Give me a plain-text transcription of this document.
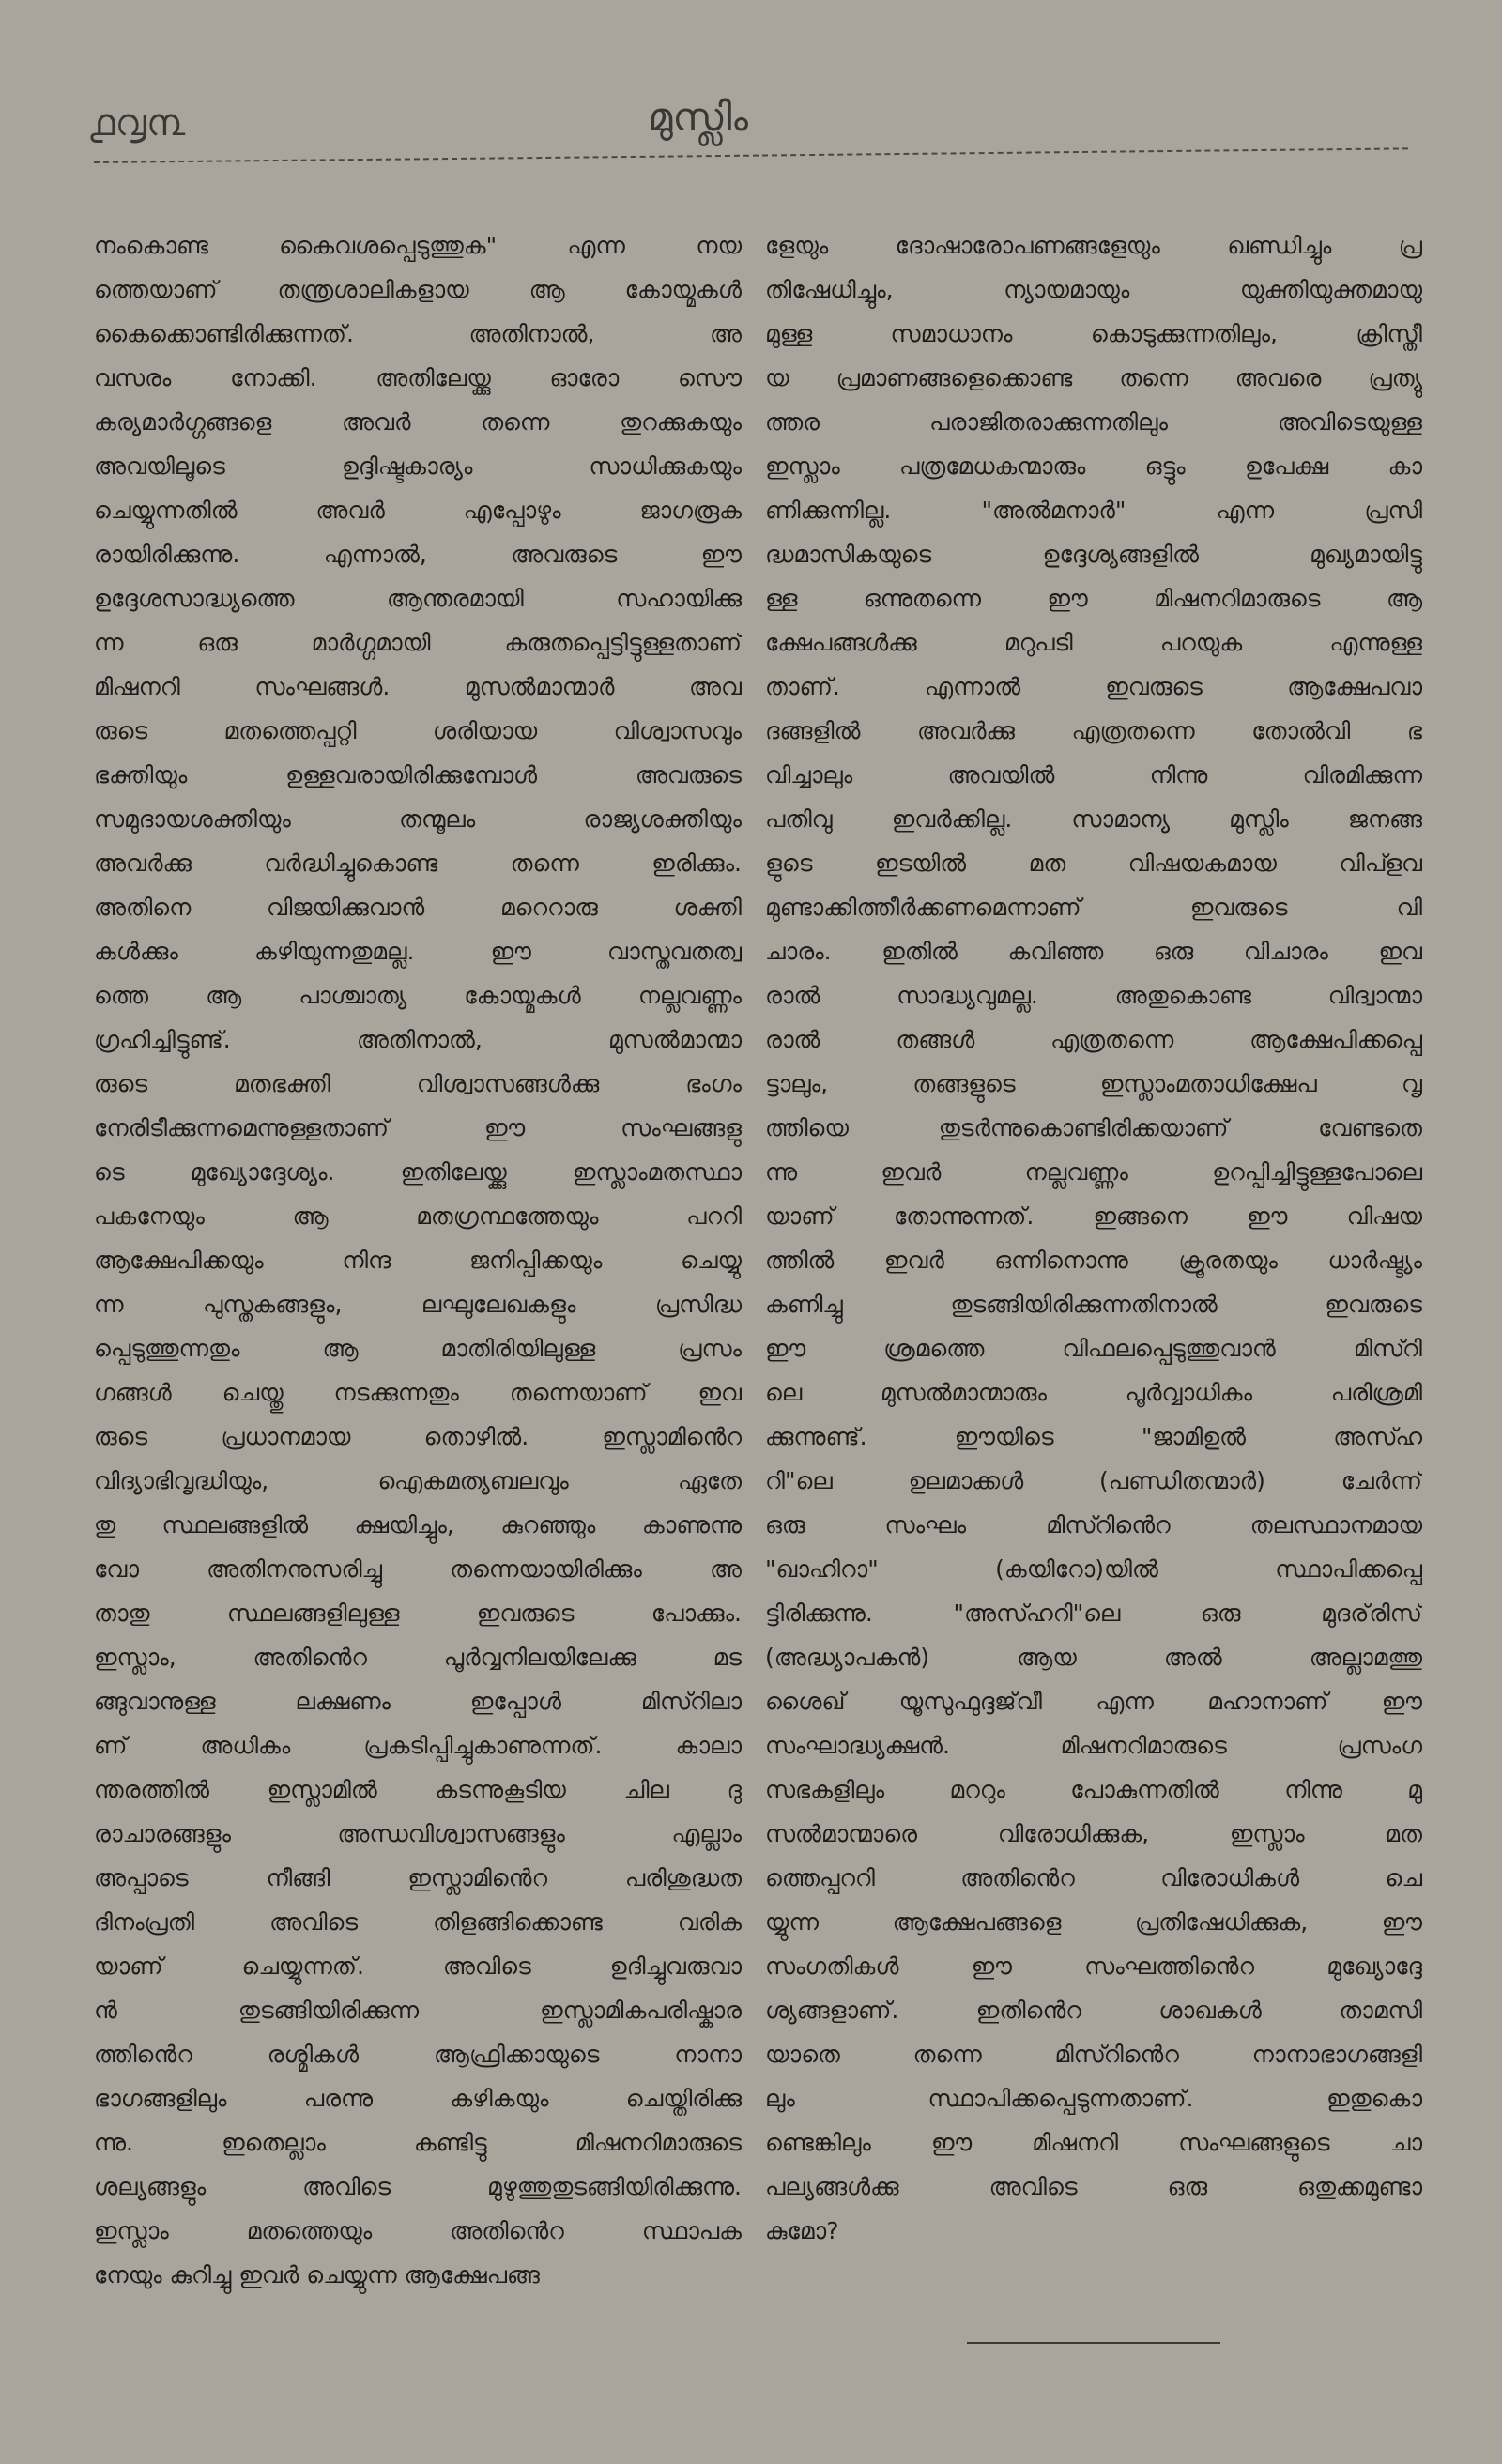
൧൮൩	മുസ്ലിം
നംകൊണ്ട കൈവശപ്പെടുത്തുക" എന്ന നയ
ത്തെയാണ് തന്ത്രശാലികളായ ആ കോയ്മകൾ
കൈക്കൊണ്ടിരിക്കുന്നത്. അതിനാൽ, അ
വസരം നോക്കി. അതിലേയ്ക്കു ഓരോ സൌ
കര്യമാർഗ്ഗങ്ങളെ അവർ തന്നെ തുറക്കുകയും
അവയിലൂടെ ഉദ്ദിഷ്ടകാര്യം സാധിക്കുകയും
ചെയ്യുന്നതിൽ അവർ എപ്പോഴും ജാഗരൂക
രായിരിക്കുന്നു. എന്നാൽ, അവരുടെ ഈ
ഉദ്ദേശസാദ്ധ്യത്തെ ആന്തരമായി സഹായിക്കു
ന്ന ഒരു മാർഗ്ഗമായി കരുതപ്പെട്ടിട്ടുള്ളതാണ്
മിഷനറി സംഘങ്ങൾ. മുസൽമാന്മാർ അവ
രുടെ മതത്തെപ്പറ്റി ശരിയായ വിശ്വാസവും
ഭക്തിയും ഉള്ളവരായിരിക്കുമ്പോൾ അവരുടെ
സമുദായശക്തിയും തന്മൂലം രാജ്യശക്തിയും
അവർക്കു വർദ്ധിച്ചുകൊണ്ട തന്നെ ഇരിക്കും.
അതിനെ വിജയിക്കുവാൻ മറെറാരു ശക്തി
കൾക്കും കഴിയുന്നതുമല്ല. ഈ വാസ്തവതത്വ
ത്തെ ആ പാശ്ചാത്യ കോയ്മകൾ നല്ലവണ്ണം
ഗ്രഹിച്ചിട്ടുണ്ട്. അതിനാൽ, മുസൽമാന്മാ
രുടെ മതഭക്തി വിശ്വാസങ്ങൾക്കു ഭംഗം
നേരിടീക്കുന്നമെന്നുള്ളതാണ് ഈ സംഘങ്ങളു
ടെ മുഖ്യോദ്ദേശ്യം. ഇതിലേയ്ക്കു ഇസ്ലാംമതസ്ഥാ
പകനേയും ആ മതഗ്രന്ഥത്തേയും പററി
ആക്ഷേപിക്കയും നിന്ദ ജനിപ്പിക്കയും ചെയ്യു
ന്ന പുസ്തകങ്ങളും, ലഘുലേഖകളും പ്രസിദ്ധ
പ്പെടുത്തുന്നതും ആ മാതിരിയിലുള്ള പ്രസം
ഗങ്ങൾ ചെയ്തു നടക്കുന്നതും തന്നെയാണ് ഇവ
രുടെ പ്രധാനമായ തൊഴിൽ. ഇസ്ലാമിൻെറ
വിദ്യാഭിവൃദ്ധിയും, ഐകമത്യബലവും ഏതേ
തു സ്ഥലങ്ങളിൽ ക്ഷയിച്ചും, കുറഞ്ഞും കാണുന്നു
വോ അതിനനുസരിച്ചു തന്നെയായിരിക്കും അ
താതു സ്ഥലങ്ങളിലുള്ള ഇവരുടെ പോക്കും.
ഇസ്ലാം, അതിൻെറ പൂർവ്വനിലയിലേക്കു മട
ങ്ങുവാനുള്ള ലക്ഷണം ഇപ്പോൾ മിസ്റിലാ
ണ് അധികം പ്രകടിപ്പിച്ചുകാണുന്നത്. കാലാ
ന്തരത്തിൽ ഇസ്ലാമിൽ കടന്നുകൂടിയ ചില ദു
രാചാരങ്ങളും അന്ധവിശ്വാസങ്ങളും എല്ലാം
അപ്പാടെ നീങ്ങി ഇസ്ലാമിൻെറ പരിശുദ്ധത
ദിനംപ്രതി അവിടെ തിളങ്ങിക്കൊണ്ട വരിക
യാണ് ചെയ്യുന്നത്. അവിടെ ഉദിച്ചുവരുവാ
ൻ തുടങ്ങിയിരിക്കുന്ന ഇസ്ലാമികപരിഷ്കാര
ത്തിൻെറ രശ്മികൾ ആഫ്രിക്കായുടെ നാനാ
ഭാഗങ്ങളിലും പരന്നു കഴികയും ചെയ്തിരിക്കു
ന്നു. ഇതെല്ലാം കണ്ടിട്ടു മിഷനറിമാരുടെ
ശല്യങ്ങളും അവിടെ മുഴുത്തുതുടങ്ങിയിരിക്കുന്നു.
ഇസ്ലാം മതത്തെയും അതിൻെറ സ്ഥാപക
നേയും കുറിച്ചു ഇവർ ചെയ്യുന്ന ആക്ഷേപങ്ങ
ളേയും ദോഷാരോപണങ്ങളേയും ഖണ്ഡിച്ചും പ്ര
തിഷേധിച്ചും, ന്യായമായും യുക്തിയുക്തമായു
മുള്ള സമാധാനം കൊടുക്കുന്നതിലും, ക്രിസ്തീ
യ പ്രമാണങ്ങളെക്കൊണ്ട തന്നെ അവരെ പ്രത്യു
ത്തര പരാജിതരാക്കുന്നതിലും അവിടെയുള്ള
ഇസ്ലാം പത്രമേധകന്മാരും ഒട്ടും ഉപേക്ഷ കാ
ണിക്കുന്നില്ല. "അൽമനാർ" എന്ന പ്രസി
ദ്ധമാസികയുടെ ഉദ്ദേശ്യങ്ങളിൽ മുഖ്യമായിട്ടു
ള്ള ഒന്നുതന്നെ ഈ മിഷനറിമാരുടെ ആ
ക്ഷേപങ്ങൾക്കു മറുപടി പറയുക എന്നുള്ള
താണ്. എന്നാൽ ഇവരുടെ ആക്ഷേപവാ
ദങ്ങളിൽ അവർക്കു എത്രതന്നെ തോൽവി ഭ
വിച്ചാലും അവയിൽ നിന്നു വിരമിക്കുന്ന
പതിവു ഇവർക്കില്ല. സാമാന്യ മുസ്ലിം ജനങ്ങ
ളുടെ ഇടയിൽ മത വിഷയകമായ വിപ്ളവ
മുണ്ടാക്കിത്തീർക്കണമെന്നാണ് ഇവരുടെ വി
ചാരം. ഇതിൽ കവിഞ്ഞ ഒരു വിചാരം ഇവ
രാൽ സാദ്ധ്യവുമല്ല. അതുകൊണ്ട വിദ്വാന്മാ
രാൽ തങ്ങൾ എത്രതന്നെ ആക്ഷേപിക്കപ്പെ
ട്ടാലും, തങ്ങളുടെ ഇസ്ലാംമതാധിക്ഷേപ വൃ
ത്തിയെ തുടർന്നുകൊണ്ടിരിക്കയാണ് വേണ്ടതെ
ന്നു ഇവർ നല്ലവണ്ണം ഉറപ്പിച്ചിട്ടുള്ളപോലെ
യാണ് തോന്നുന്നത്. ഇങ്ങനെ ഈ വിഷയ
ത്തിൽ ഇവർ ഒന്നിനൊന്നു ക്രൂരതയും ധാർഷ്ട്യം
കണിച്ചു തുടങ്ങിയിരിക്കുന്നതിനാൽ ഇവരുടെ
ഈ ശ്രമത്തെ വിഫലപ്പെടുത്തുവാൻ മിസ്റി
ലെ മുസൽമാന്മാരും പൂർവ്വാധികം പരിശ്രമി
ക്കുന്നുണ്ട്. ഈയിടെ "ജാമിഉൽ അസ്ഹ
റി"ലെ ഉലമാക്കൾ (പണ്ഡിതന്മാർ) ചേർന്ന്
ഒരു സംഘം മിസ്റിൻെറ തലസ്ഥാനമായ
"ഖാഹിറാ" (കയിറോ)യിൽ സ്ഥാപിക്കപ്പെ
ട്ടിരിക്കുന്നു. "അസ്ഹറി"ലെ ഒരു മുദര്‌രിസ്
(അദ്ധ്യാപകൻ) ആയ അൽ അല്ലാമത്തു
ശൈഖ് യൂസുഫുദ്ദജ്‌വീ എന്ന മഹാനാണ് ഈ
സംഘാദ്ധ്യക്ഷൻ. മിഷനറിമാരുടെ പ്രസംഗ
സഭകളിലും മററും പോകുന്നതിൽ നിന്നു മു
സൽമാന്മാരെ വിരോധിക്കുക, ഇസ്ലാം മത
ത്തെപ്പററി അതിൻെറ വിരോധികൾ ചെ
യ്യുന്ന ആക്ഷേപങ്ങളെ പ്രതിഷേധിക്കുക, ഈ
സംഗതികൾ ഈ സംഘത്തിൻെറ മുഖ്യോദ്ദേ
ശ്യങ്ങളാണ്. ഇതിൻെറ ശാഖകൾ താമസി
യാതെ തന്നെ മിസ്റിൻെറ നാനാഭാഗങ്ങളി
ലും സ്ഥാപിക്കപ്പെടുന്നതാണ്. ഇതുകൊ
ണ്ടെങ്കിലും ഈ മിഷനറി സംഘങ്ങളുടെ ചാ
പല്യങ്ങൾക്കു അവിടെ ഒരു ഒതുക്കമുണ്ടാ
കുമോ?
